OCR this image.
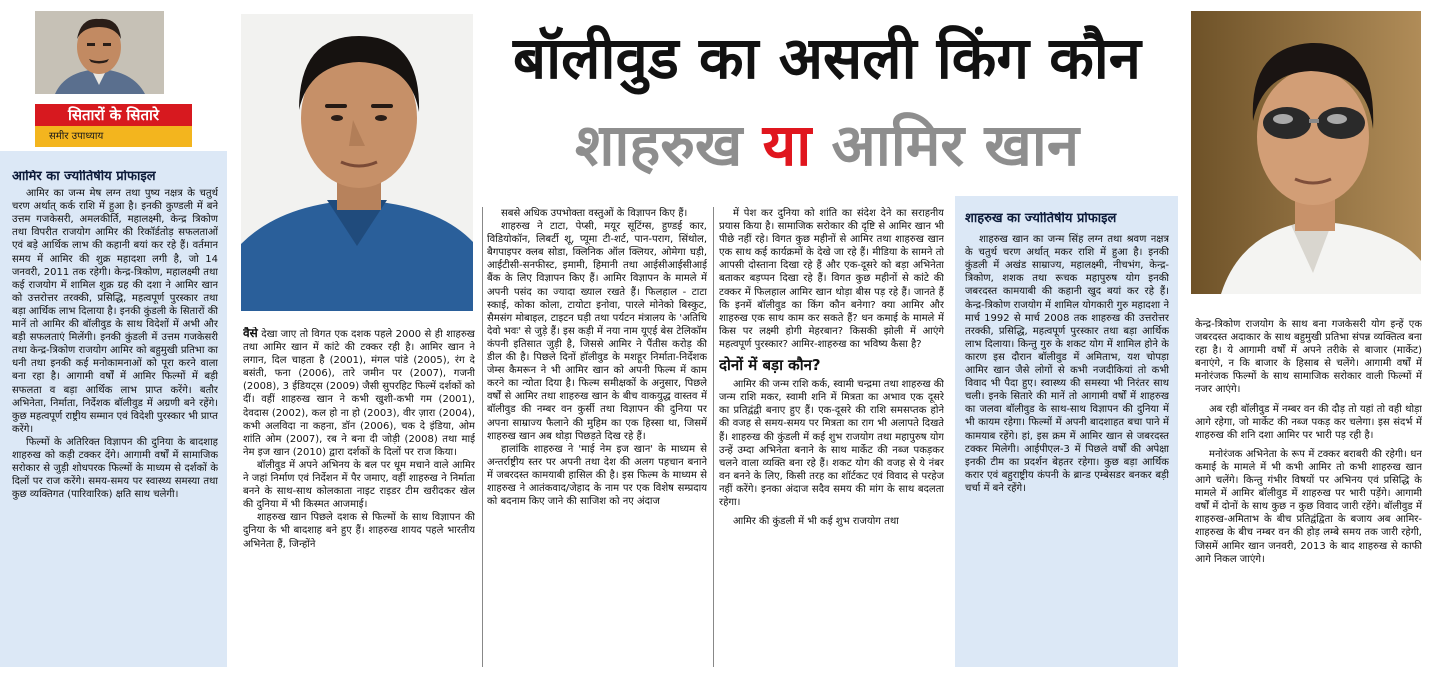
सितारों के सितारे
समीर उपाध्याय
आमिर का ज्योतिषीय प्रोफाइल

आमिर का जन्म मेष लग्न तथा पुष्य नक्षत्र के चतुर्थ चरण अर्थात् कर्क राशि में हुआ है। इनकी कुण्डली में बने उत्तम गजकेसरी, अमलकीर्ति, महालक्ष्मी, केन्द्र त्रिकोण तथा विपरीत राजयोग आमिर की रिकॉर्डतोड़ सफलताओं एवं बड़े आर्थिक लाभ की कहानी बयां कर रहे हैं। वर्तमान समय में आमिर की शुक्र महादशा लगी है, जो 14 जनवरी, 2011 तक रहेगी। केन्द्र-त्रिकोण, महालक्ष्मी तथा कई राजयोग में शामिल शुक्र ग्रह की दशा ने आमिर खान को उत्तरोत्तर तरक्की, प्रसिद्धि, महत्वपूर्ण पुरस्कार तथा बड़ा आर्थिक लाभ दिलाया है। इनकी कुंडली के सितारों की मानें तो आमिर की बॉलीवुड के साथ विदेशों में अभी और बड़ी सफलताएं मिलेंगी। इनकी कुंडली में उत्तम गजकेसरी तथा केन्द्र-त्रिकोण राजयोग आमिर को बहुमुखी प्रतिभा का धनी तथा इनकी कई मनोकामनाओं को पूरा करने वाला बना रहा है। आगामी वर्षों में आमिर फिल्मों में बड़ी सफलता व बड़ा आर्थिक लाभ प्राप्त करेंगे। बतौर अभिनेता, निर्माता, निर्देशक बॉलीवुड में अग्रणी बने रहेंगे। कुछ महत्वपूर्ण राष्ट्रीय सम्मान एवं विदेशी पुरस्कार भी प्राप्त करेंगे।

फिल्मों के अतिरिक्त विज्ञापन की दुनिया के बादशाह शाहरुख को कड़ी टक्कर देंगे। आगामी वर्षों में सामाजिक सरोकार से जुड़ी शोधपरक फिल्मों के माध्यम से दर्शकों के दिलों पर राज करेंगे। समय-समय पर स्वास्थ्य समस्या तथा कुछ व्यक्तिगत (पारिवारिक) क्षति साथ चलेगी।

बॉलीवुड का असली किंग कौन
शाहरुख या आमिर खान

वैसे देखा जाए तो विगत एक दशक पहले 2000 से ही शाहरुख तथा आमिर खान में कांटे की टक्कर रही है। आमिर खान ने लगान, दिल चाहता है (2001), मंगल पांडे (2005), रंग दे बसंती, फना (2006), तारे जमीन पर (2007), गजनी (2008), 3 ईडियट्स (2009) जैसी सुपरहिट फिल्में दर्शकों को दीं। वहीं शाहरुख खान ने कभी खुशी-कभी गम (2001), देवदास (2002), कल हो ना हो (2003), वीर ज़ारा (2004), कभी अलविदा ना कहना, डॉन (2006), चक दे इंडिया, ओम शांति ओम (2007), रब ने बना दी जोड़ी (2008) तथा माई नेम इज खान (2010) द्वारा दर्शकों के दिलों पर राज किया।

बॉलीवुड में अपने अभिनय के बल पर धूम मचाने वाले आमिर ने जहां निर्माण एवं निर्देशन में पैर जमाए, वहीं शाहरुख ने निर्माता बनने के साथ-साथ कोलकाता नाइट राइडर टीम खरीदकर खेल की दुनिया में भी किस्मत आजमाई।

शाहरुख खान पिछले दशक से फिल्मों के साथ विज्ञापन की दुनिया के भी बादशाह बने हुए हैं। शाहरुख शायद पहले भारतीय अभिनेता हैं, जिन्होंने

सबसे अधिक उपभोक्ता वस्तुओं के विज्ञापन किए हैं।

शाहरुख ने टाटा, पेप्सी, मयूर सूटिंग्स, हुण्डई कार, विडियोकॉन, लिबर्टी शू, प्यूमा टी-शर्ट, पान-पराग, सिंथोल, बैगपाइपर क्लब सोडा, क्लिनिक ऑल क्लियर, ओमेगा घड़ी, आईटीसी-सनफीस्ट, इमामी, हिमानी तथा आईसीआईसीआई बैंक के लिए विज्ञापन किए हैं। आमिर विज्ञापन के मामले में अपनी पसंद का ज्यादा ख्याल रखते हैं। फिलहाल - टाटा स्काई, कोका कोला, टायोटा इनोवा, पारले मोनेको बिस्कुट, सैमसंग मोबाइल, टाइटन घड़ी तथा पर्यटन मंत्रालय के 'अतिथि देवो भवः' से जुड़े हैं। इस कड़ी में नया नाम यूएई बेस टेलिकॉम कंपनी इतिसात जुड़ी है, जिससे आमिर ने पैंतीस करोड़ की डील की है। पिछले दिनों हॉलीवुड के मशहूर निर्माता-निर्देशक जेम्स कैमरून ने भी आमिर खान को अपनी फिल्म में काम करने का न्योता दिया है। फिल्म समीक्षकों के अनुसार, पिछले वर्षों से आमिर तथा शाहरुख खान के बीच वाकयुद्ध वास्तव में बॉलीवुड की नम्बर वन कुर्सी तथा विज्ञापन की दुनिया पर अपना साम्राज्य फैलाने की मुहिम का एक हिस्सा था, जिसमें शाहरुख खान अब थोड़ा पिछड़ते दिख रहे हैं।

हालांकि शाहरुख ने 'माई नेम इज खान' के माध्यम से अन्तर्राष्ट्रीय स्तर पर अपनी तथा देश की अलग पहचान बनाने में जबरदस्त कामयाबी हासिल की है। इस फिल्म के माध्यम से शाहरुख ने आतंकवाद/जेहाद के नाम पर एक विशेष सम्प्रदाय को बदनाम किए जाने की साजिश को नए अंदाज

में पेश कर दुनिया को शांति का संदेश देने का सराहनीय प्रयास किया है। सामाजिक सरोकार की दृष्टि से आमिर खान भी पीछे नहीं रहे। विगत कुछ महीनों से आमिर तथा शाहरुख खान एक साथ कई कार्यक्रमों के देखे जा रहे हैं। मीडिया के सामने तो आपसी दोस्ताना दिखा रहे हैं और एक-दूसरे को बड़ा अभिनेता बताकर बड़प्पन दिखा रहे हैं। विगत कुछ महीनों से कांटे की टक्कर में फिलहाल आमिर खान थोड़ा बीस पड़ रहे हैं। जानते हैं कि इनमें बॉलीवुड का किंग कौन बनेगा? क्या आमिर और शाहरुख एक साथ काम कर सकते हैं? धन कमाई के मामले में किस पर लक्ष्मी होगी मेहरबान? किसकी झोली में आएंगे महत्वपूर्ण पुरस्कार? आमिर-शाहरुख का भविष्य कैसा है?

दोनों में बड़ा कौन?

आमिर की जन्म राशि कर्क, स्वामी चन्द्रमा तथा शाहरुख की जन्म राशि मकर, स्वामी शनि में मित्रता का अभाव एक दूसरे का प्रतिद्वंद्वी बनाए हुए हैं। एक-दूसरे की राशि समसप्तक होने की वजह से समय-समय पर मित्रता का राग भी अलापते दिखते हैं। शाहरुख की कुंडली में कई शुभ राजयोग तथा महापुरुष योग उन्हें उम्दा अभिनेता बनाने के साथ मार्केट की नब्ज पकड़कर चलने वाला व्यक्ति बना रहे हैं। शकट योग की वजह से ये नंबर वन बनने के लिए, किसी तरह का शॉर्टकट एवं विवाद से परहेज नहीं करेंगे। इनका अंदाज सदैव समय की मांग के साथ बदलता रहेगा।

आमिर की कुंडली में भी कई शुभ राजयोग तथा

शाहरुख का ज्योतिषीय प्रोफाइल

शाहरुख खान का जन्म सिंह लग्न तथा श्रवण नक्षत्र के चतुर्थ चरण अर्थात् मकर राशि में हुआ है। इनकी कुंडली में अखंड साम्राज्य, महालक्ष्मी, नीचभंग, केन्द्र-त्रिकोण, शशक तथा रूचक महापुरुष योग इनकी जबरदस्त कामयाबी की कहानी खुद बयां कर रहे हैं। केन्द्र-त्रिकोण राजयोग में शामिल योगकारी गुरु महादशा ने मार्च 1992 से मार्च 2008 तक शाहरुख की उत्तरोत्तर तरक्की, प्रसिद्धि, महत्वपूर्ण पुरस्कार तथा बड़ा आर्थिक लाभ दिलाया। किन्तु गुरु के शकट योग में शामिल होने के कारण इस दौरान बॉलीवुड में अमिताभ, यश चोपड़ा आमिर खान जैसे लोगों से कभी नजदीकियां तो कभी विवाद भी पैदा हुए। स्वास्थ्य की समस्या भी निरंतर साथ चली। इनके सितारे की मानें तो आगामी वर्षों में शाहरुख का जलवा बॉलीवुड के साथ-साथ विज्ञापन की दुनिया में भी कायम रहेगा। फिल्मों में अपनी बादशाहत बचा पाने में कामयाब रहेंगे। हां, इस क्रम में आमिर खान से जबरदस्त टक्कर मिलेगी। आईपीएल-3 में पिछले वर्षों की अपेक्षा इनकी टीम का प्रदर्शन बेहतर रहेगा। कुछ बड़ा आर्थिक करार एवं बहुराष्ट्रीय कंपनी के ब्रान्ड एम्बेसडर बनकर बड़ी चर्चा में बने रहेंगे।

केन्द्र-त्रिकोण राजयोग के साथ बना गजकेसरी योग इन्हें एक जबरदस्त अदाकार के साथ बहुमुखी प्रतिभा संपन्न व्यक्तित्व बना रहा है। ये आगामी वर्षों में अपने तरीके से बाजार (मार्केट) बनाएंगे, न कि बाजार के हिसाब से चलेंगे। आगामी वर्षों में मनोरंजक फिल्मों के साथ सामाजिक सरोकार वाली फिल्मों में नजर आएंगे।

अब रही बॉलीवुड में नम्बर वन की दौड़ तो यहां तो वही थोड़ा आगे रहेगा, जो मार्केट की नब्ज पकड़ कर चलेगा। इस संदर्भ में शाहरुख की शनि दशा आमिर पर भारी पड़ रही है।

मनोरंजक अभिनेता के रूप में टक्कर बराबरी की रहेगी। धन कमाई के मामले में भी कभी आमिर तो कभी शाहरुख खान आगे चलेंगे। किन्तु गंभीर विषयों पर अभिनय एवं प्रसिद्धि के मामले में आमिर बॉलीवुड में शाहरुख पर भारी पड़ेंगे। आगामी वर्षों में दोनों के साथ कुछ न कुछ विवाद जारी रहेंगे। बॉलीवुड में शाहरुख-अमिताभ के बीच प्रतिद्वंद्विता के बजाय अब आमिर-शाहरुख के बीच नम्बर वन की होड़ लम्बे समय तक जारी रहेगी, जिसमें आमिर खान जनवरी, 2013 के बाद शाहरुख से काफी आगे निकल जाएंगे।
